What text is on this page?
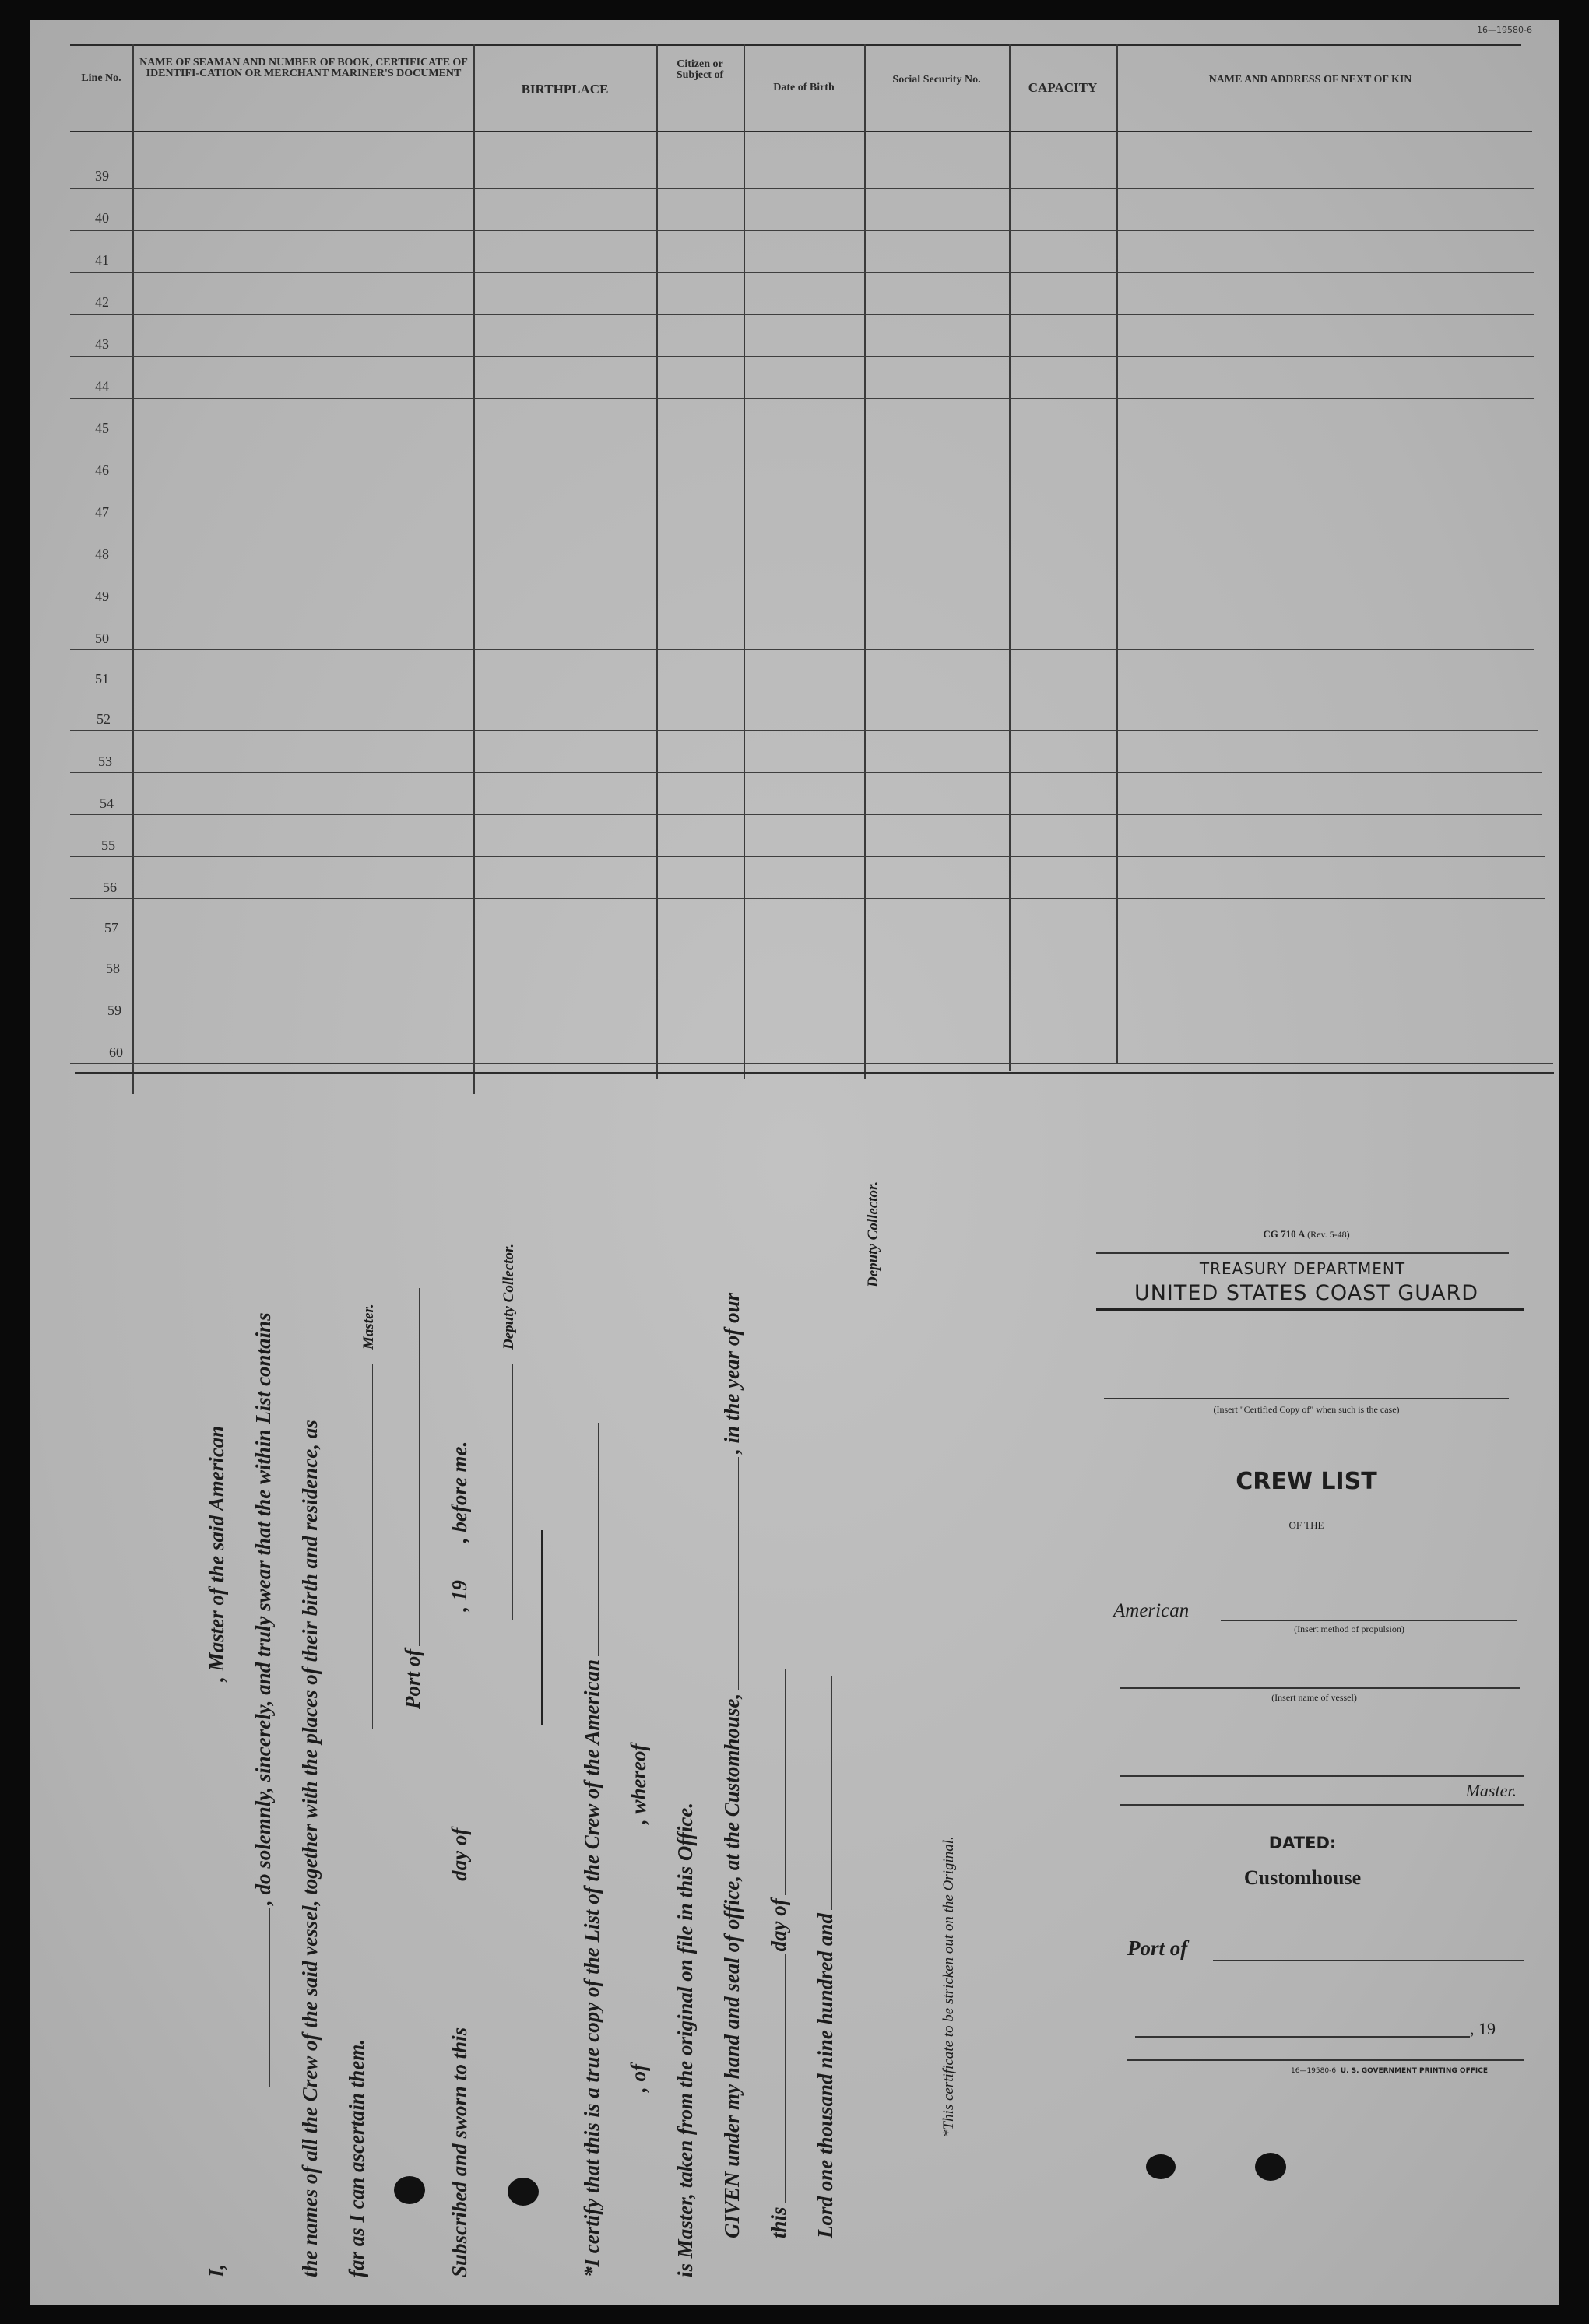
16—19580-6
Line No.
NAME OF SEAMAN AND NUMBER OF BOOK, CERTIFICATE OF IDENTIFI-CATION OR MERCHANT MARINER'S DOCUMENT
BIRTHPLACE
Citizen or Subject of
Date of Birth
Social Security No.
CAPACITY
NAME AND ADDRESS OF NEXT OF KIN
39
40
41
42
43
44
45
46
47
48
49
50
51
52
53
54
55
56
57
58
59
60
I,, Master of the said American , do solemnly, sincerely, and truly swear that the within List contains the names of all the Crew of the said vessel, together with the places of their birth and residence, as far as I can ascertain them.
Master.
Port of
Subscribed and sworn to thisday of, 19, before me.
Deputy Collector.
*I certify that this is a true copy of the List of the Crew of the American , of, whereof
is Master, taken from the original on file in this Office. GIVEN under my hand and seal of office, at the Customhouse,, in the year of our
thisday of Lord one thousand nine hundred and
Deputy Collector.
*This certificate to be stricken out on the Original.
CG 710 A (Rev. 5-48)
TREASURY DEPARTMENT
UNITED STATES COAST GUARD
(Insert "Certified Copy of" when such is the case)
CREW LIST
OF THE
American
(Insert method of propulsion)
(Insert name of vessel)
Master.
DATED:
Customhouse
Port of
, 19
16—19580-6 U. S. GOVERNMENT PRINTING OFFICE
